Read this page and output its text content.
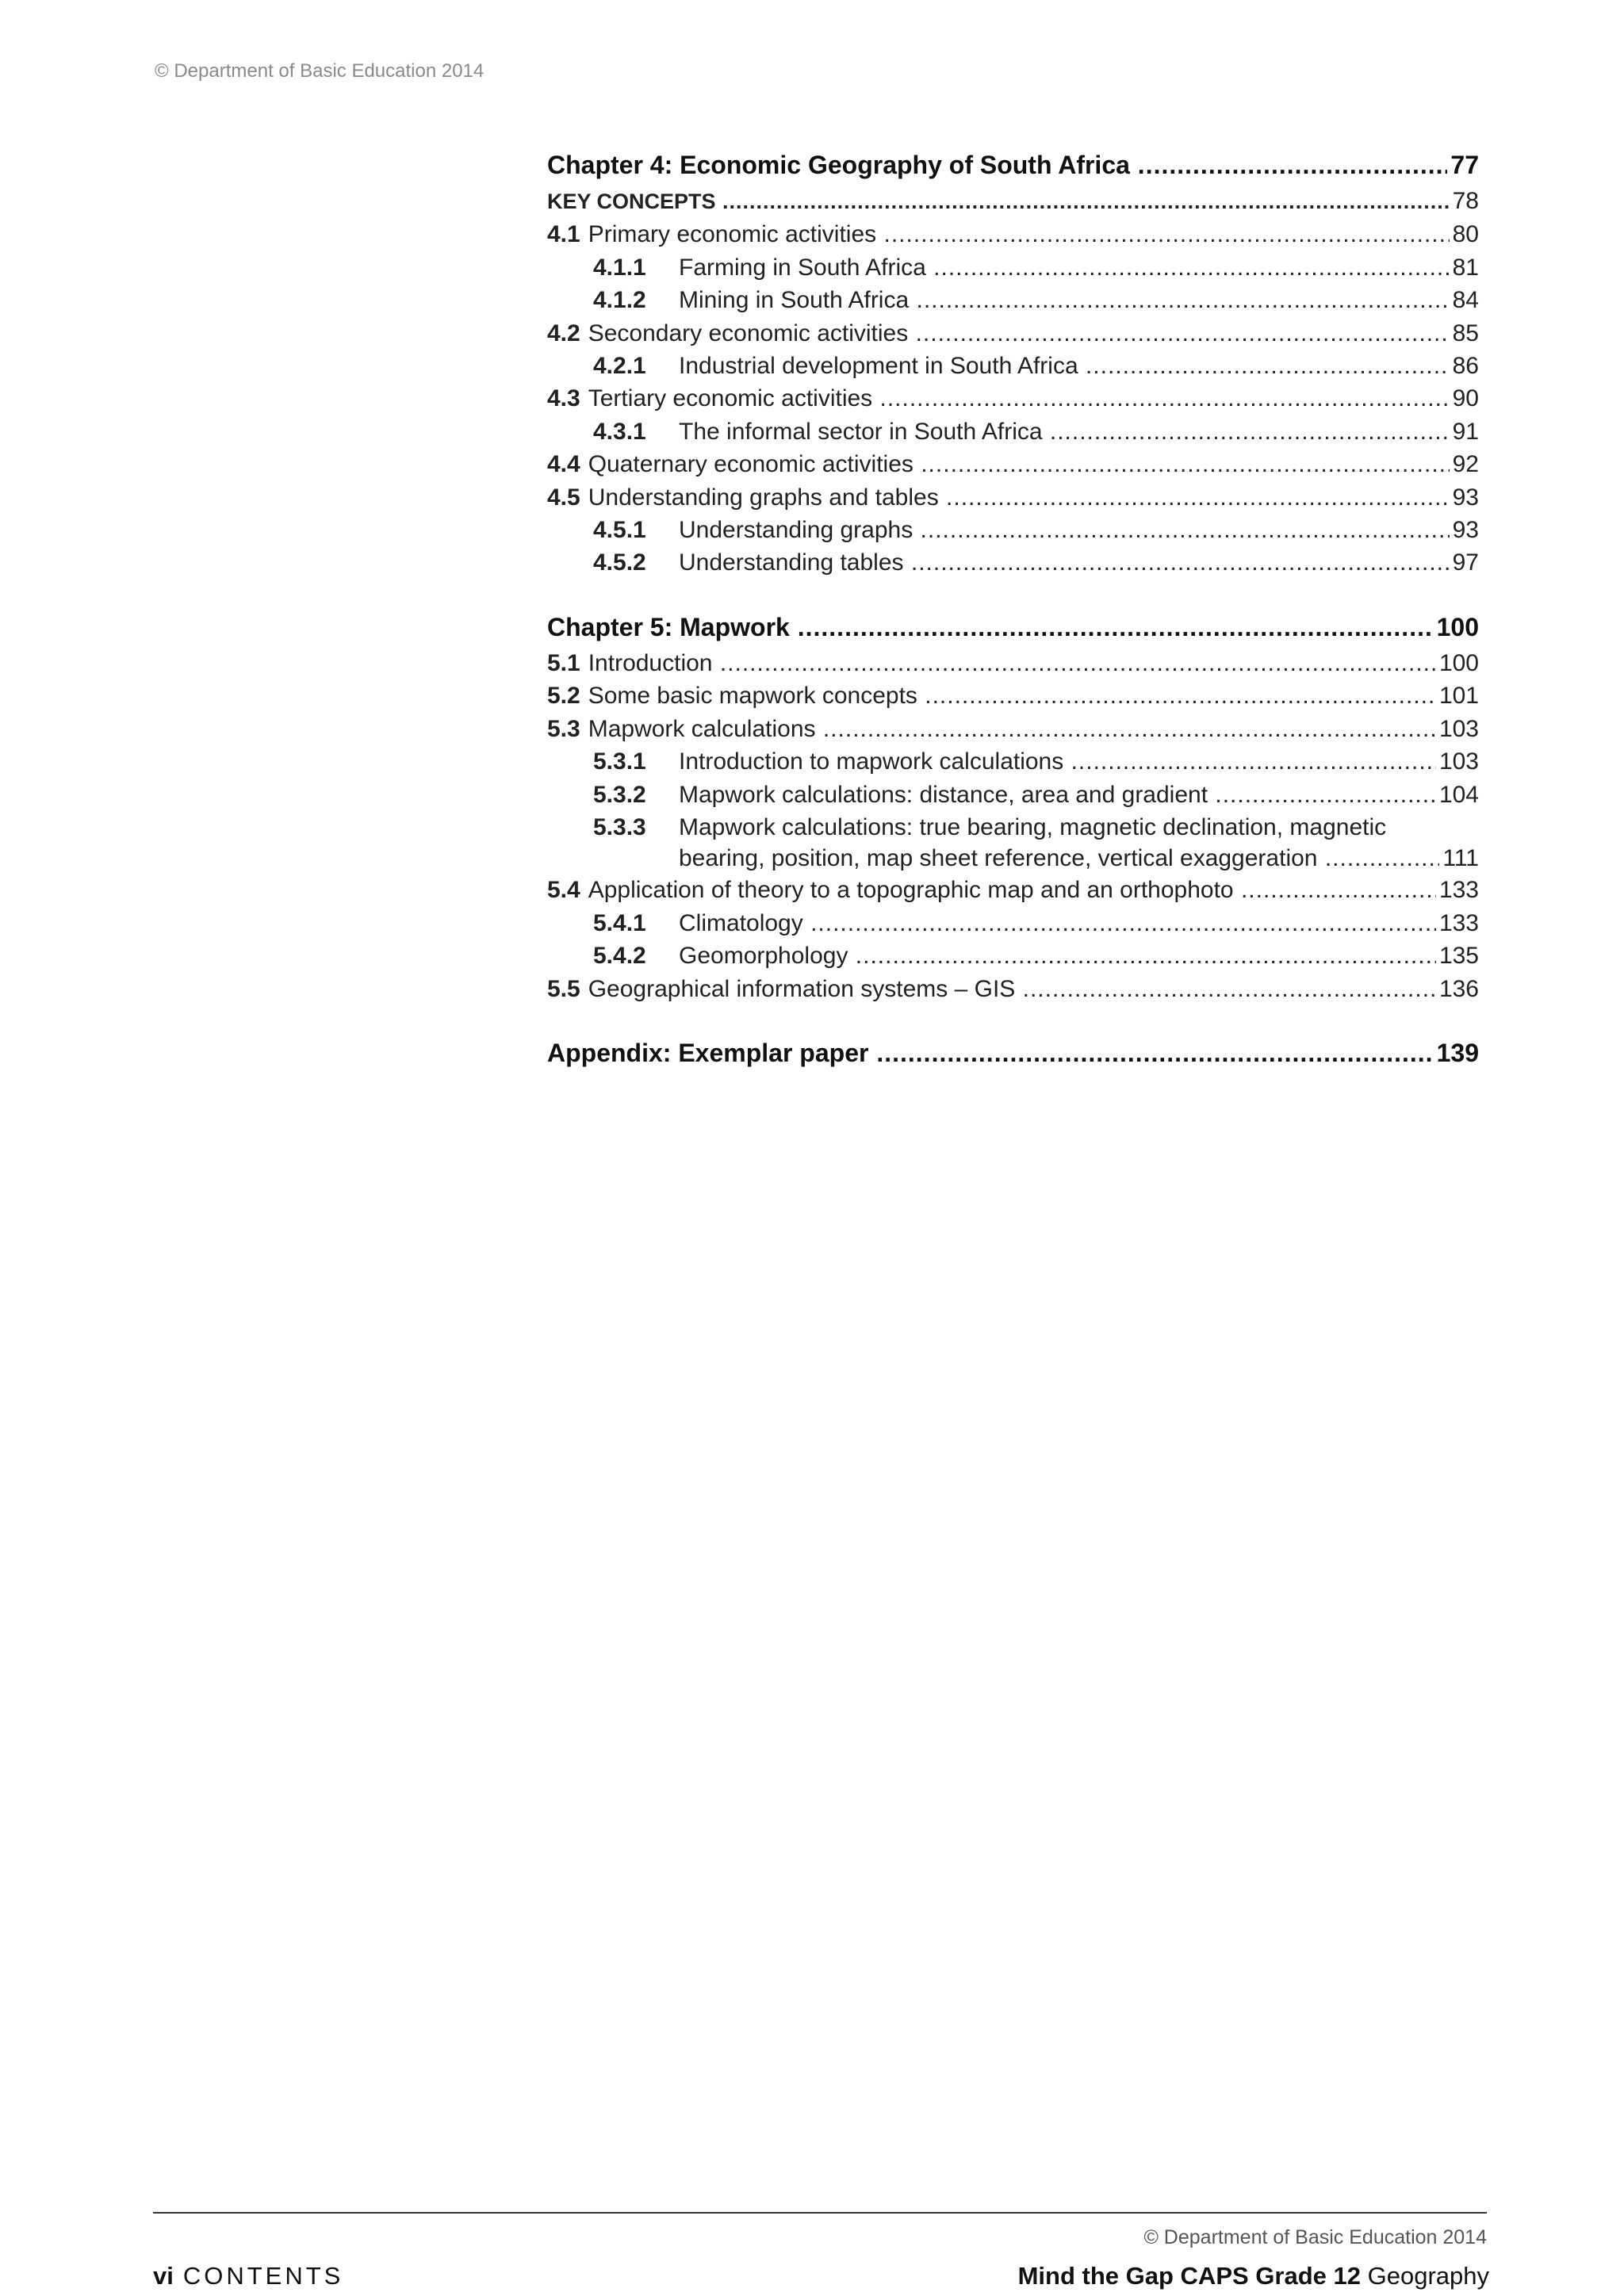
© Department of Basic Education 2014
Chapter 4: Economic Geography of South Africa .....	77
KEY CONCEPTS .....	78
4.1 Primary economic activities .....	80
4.1.1 Farming in South Africa .....	81
4.1.2 Mining in South Africa .....	84
4.2 Secondary economic activities .....	85
4.2.1 Industrial development in South Africa .....	86
4.3 Tertiary economic activities .....	90
4.3.1 The informal sector in South Africa .....	91
4.4 Quaternary economic activities .....	92
4.5 Understanding graphs and tables .....	93
4.5.1 Understanding graphs .....	93
4.5.2 Understanding tables .....	97
Chapter 5: Mapwork .....	100
5.1 Introduction .....	100
5.2 Some basic mapwork concepts .....	101
5.3 Mapwork calculations .....	103
5.3.1 Introduction to mapwork calculations .....	103
5.3.2 Mapwork calculations: distance, area and gradient .....	104
5.3.3 Mapwork calculations: true bearing, magnetic declination, magnetic
bearing, position, map sheet reference, vertical exaggeration .....	111
5.4 Application of theory to a topographic map and an orthophoto .....	133
5.4.1 Climatology .....	133
5.4.2 Geomorphology .....	135
5.5 Geographical information systems – GIS .....	136
Appendix: Exemplar paper .....	139
© Department of Basic Education 2014
vi CONTENTS	Mind the Gap CAPS Grade 12 Geography
